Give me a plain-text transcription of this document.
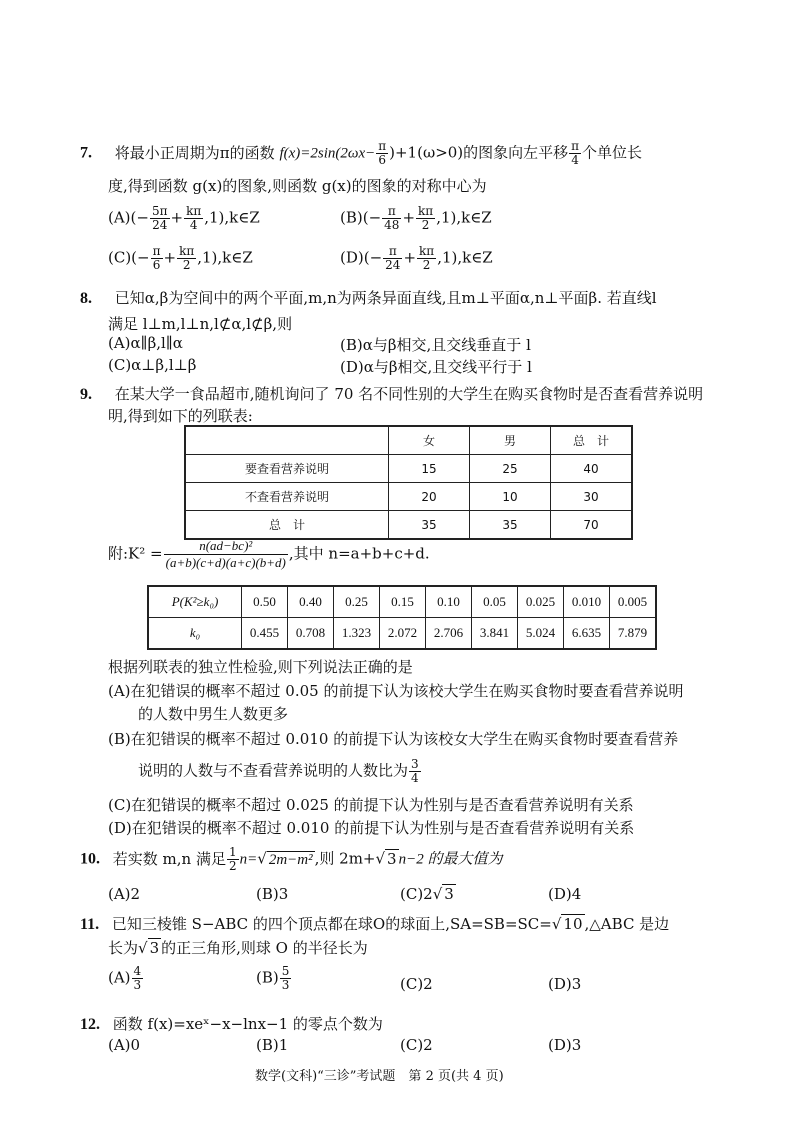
7. 将最小正周期为π的函数 $f(x)=2\sin(2\omega x- \frac{\pi}{6} )+1(\omega>0)$的图象向左平移 $\frac{\pi}{4}$ 个单位长
度,得到函数 g(x)的图象,则函数 g(x)的图象的对称中心为
$(A)(- \frac{5\pi}{24} + \frac{k\pi}{4}$ ,1),k∈Z	$(B)(- \frac{\pi}{48} + \frac{k\pi}{2}$ ,1),k∈Z
$(C)(- \frac{\pi}{6} + \frac{k\pi}{2}$ ,1),k∈Z	$(D)(- \frac{\pi}{24} + \frac{k\pi}{2}$ ,1),k∈Z
8. 已知α,β为空间中的两个平面,m,n为两条异面直线,且m⊥平面α,n⊥平面β. 若直线l
满足 l⊥m,l⊥n,l⊄α,l⊄β,则
(A)α∥β,l∥α	(B)α与β相交,且交线垂直于 l
(C)α⊥β,l⊥β	(D)α与β相交,且交线平行于 l
9. 在某大学一食品超市,随机询问了 70 名不同性别的大学生在购买食物时是否查看营养说明
明,得到如下的列联表:
	女	男	总　计
要查看营养说明	15	25	40
不查看营养说明	20	10	30
总　计	35	35	70
附:K² = $\frac{\text{n(ad−bc)²}}{(a+b)(c+d)(a+c)(b+d)}$ ,其中 n=a+b+c+d.
P(K²≥k₀)	0.50	0.40	0.25	0.15	0.10	0.05	0.025	0.010	0.005
k₀	0.455	0.708	1.323	2.072	2.706	3.841	5.024	6.635	7.879
根据列联表的独立性检验,则下列说法正确的是
(A)在犯错误的概率不超过 0.05 的前提下认为该校大学生在购买食物时要查看营养说明
的人数中男生人数更多
(B)在犯错误的概率不超过 0.010 的前提下认为该校女大学生在购买食物时要查看营养
说明的人数与不查看营养说明的人数比为 $\frac{3}{4}$
(C)在犯错误的概率不超过 0.025 的前提下认为性别与是否查看营养说明有关系
(D)在犯错误的概率不超过 0.010 的前提下认为性别与是否查看营养说明有关系
10. 若实数 m,n 满足 $\frac{1}{2} n=√$ 2m−m² ,则 2m+√ 3 n−2 的最大值为
(A)2	(B)3	(C)2√ 3	(D)4
11. 已知三棱锥 S−ABC 的四个顶点都在球O的球面上,SA=SB=SC=√ 10 ,△ABC 是边
长为√ 3 的正三角形,则球 O 的半径长为
$(A) \frac{4}{3}$	$(B) \frac{5}{3}$	(C)2	(D)3
12. 函数 f(x)=xeˣ−x−lnx−1 的零点个数为
(A)0	(B)1	(C)2	(D)3
数学(文科)“三诊”考试题　第 2 页(共 4 页)
